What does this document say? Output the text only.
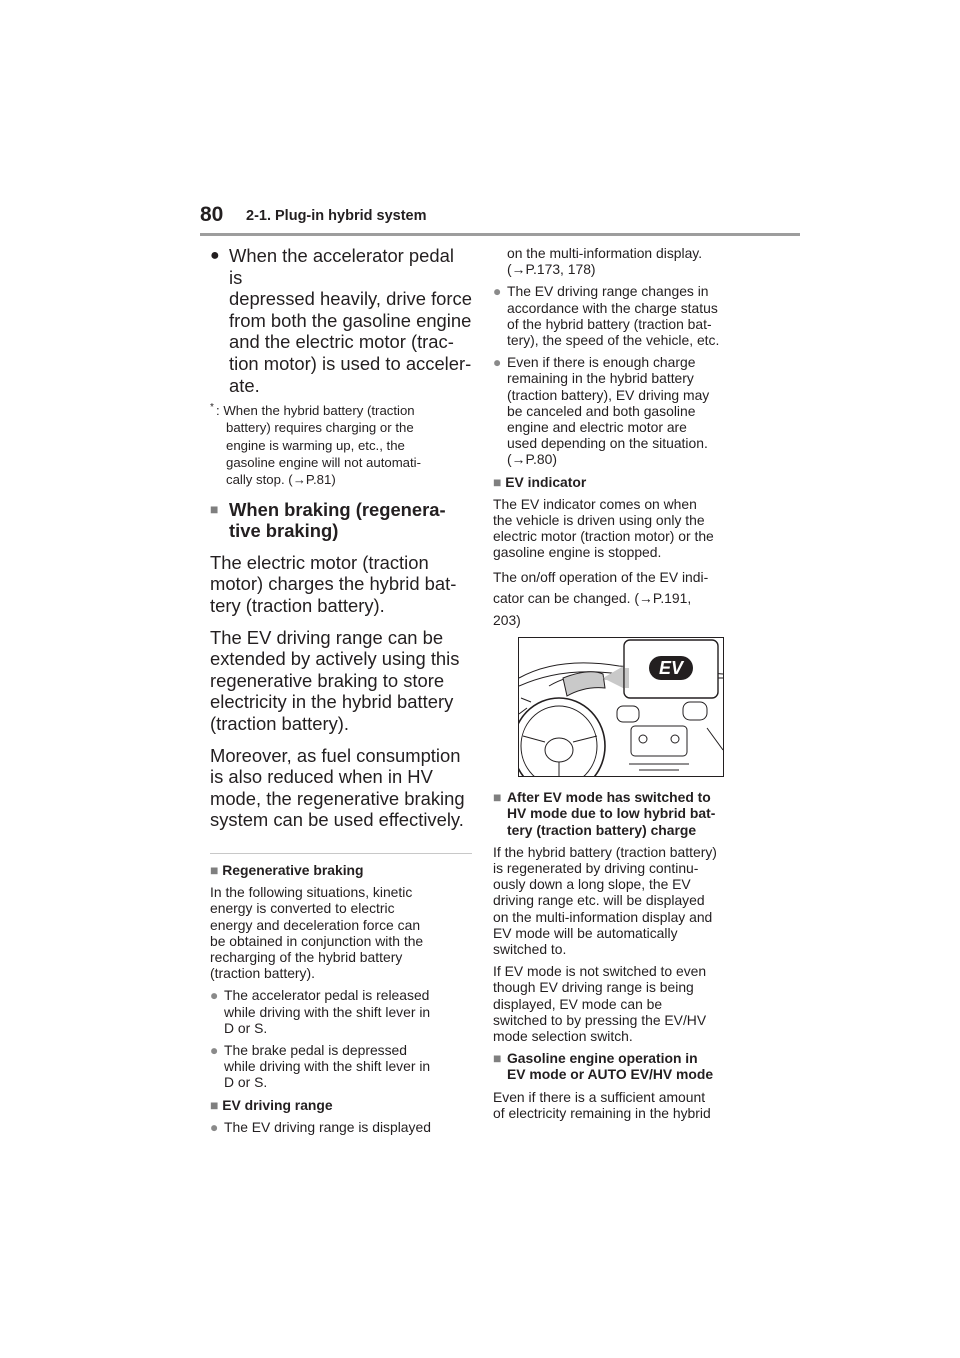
80 2-1. Plug-in hybrid system
● When the accelerator pedal is
depressed heavily, drive force
from both the gasoline engine
and the electric motor (trac-
tion motor) is used to acceler-
ate.
* : When the hybrid battery (traction
battery) requires charging or the
engine is warming up, etc., the
gasoline engine will not automati-
cally stop. (→P.81)
■ When braking (regenera-
tive braking)
The electric motor (traction
motor) charges the hybrid bat-
tery (traction battery).
The EV driving range can be
extended by actively using this
regenerative braking to store
electricity in the hybrid battery
(traction battery).
Moreover, as fuel consumption
is also reduced when in HV
mode, the regenerative braking
system can be used effectively.
■ Regenerative braking
In the following situations, kinetic
energy is converted to electric
energy and deceleration force can
be obtained in conjunction with the
recharging of the hybrid battery
(traction battery).
● The accelerator pedal is released
while driving with the shift lever in
D or S.
● The brake pedal is depressed
while driving with the shift lever in
D or S.
■ EV driving range
● The EV driving range is displayed
on the multi-information display.
(→P.173, 178)
● The EV driving range changes in
accordance with the charge status
of the hybrid battery (traction bat-
tery), the speed of the vehicle, etc.
● Even if there is enough charge
remaining in the hybrid battery
(traction battery), EV driving may
be canceled and both gasoline
engine and electric motor are
used depending on the situation.
(→P.80)
■ EV indicator
The EV indicator comes on when
the vehicle is driven using only the
electric motor (traction motor) or the
gasoline engine is stopped.
The on/off operation of the EV indi-
cator can be changed. (→P.191,
203)
EV
■ After EV mode has switched to
HV mode due to low hybrid bat-
tery (traction battery) charge
If the hybrid battery (traction battery)
is regenerated by driving continu-
ously down a long slope, the EV
driving range etc. will be displayed
on the multi-information display and
EV mode will be automatically
switched to.
If EV mode is not switched to even
though EV driving range is being
displayed, EV mode can be
switched to by pressing the EV/HV
mode selection switch.
■ Gasoline engine operation in
EV mode or AUTO EV/HV mode
Even if there is a sufficient amount
of electricity remaining in the hybrid
